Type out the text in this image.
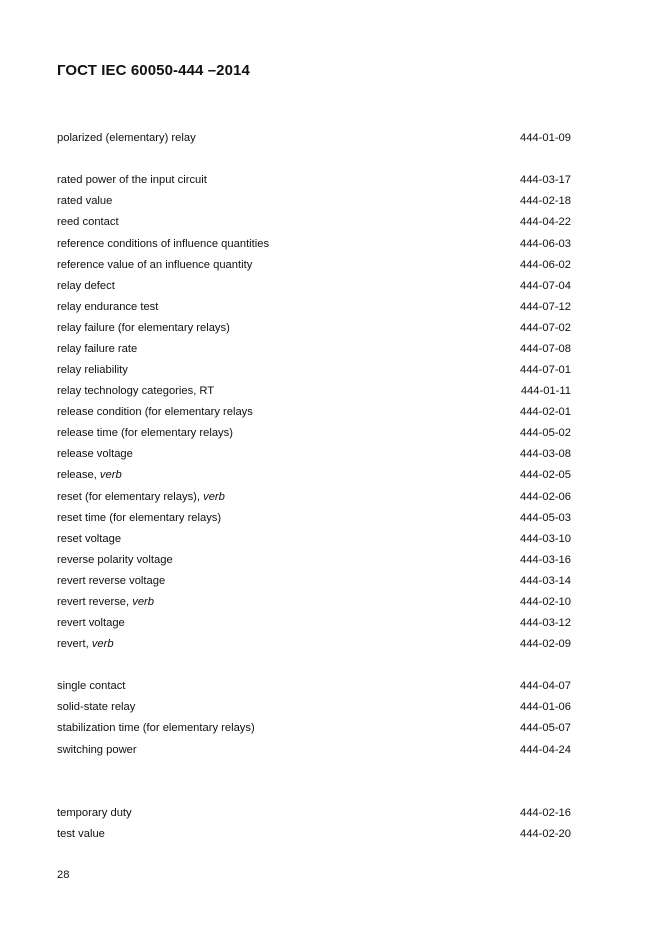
ГОСТ IEC 60050-444 –2014
polarized (elementary) relay	444-01-09
rated power of the input circuit	444-03-17
rated value	444-02-18
reed contact	444-04-22
reference conditions of influence quantities	444-06-03
reference value of an influence quantity	444-06-02
relay defect	444-07-04
relay endurance test	444-07-12
relay failure (for elementary relays)	444-07-02
relay failure rate	444-07-08
relay reliability	444-07-01
relay technology categories, RT	444-01-11
release condition (for elementary relays	444-02-01
release time (for elementary relays)	444-05-02
release voltage	444-03-08
release, verb	444-02-05
reset (for elementary relays), verb	444-02-06
reset time (for elementary relays)	444-05-03
reset voltage	444-03-10
reverse polarity voltage	444-03-16
revert reverse voltage	444-03-14
revert reverse, verb	444-02-10
revert voltage	444-03-12
revert, verb	444-02-09
single contact	444-04-07
solid-state relay	444-01-06
stabilization time (for elementary relays)	444-05-07
switching power	444-04-24
temporary duty	444-02-16
test value	444-02-20
28
